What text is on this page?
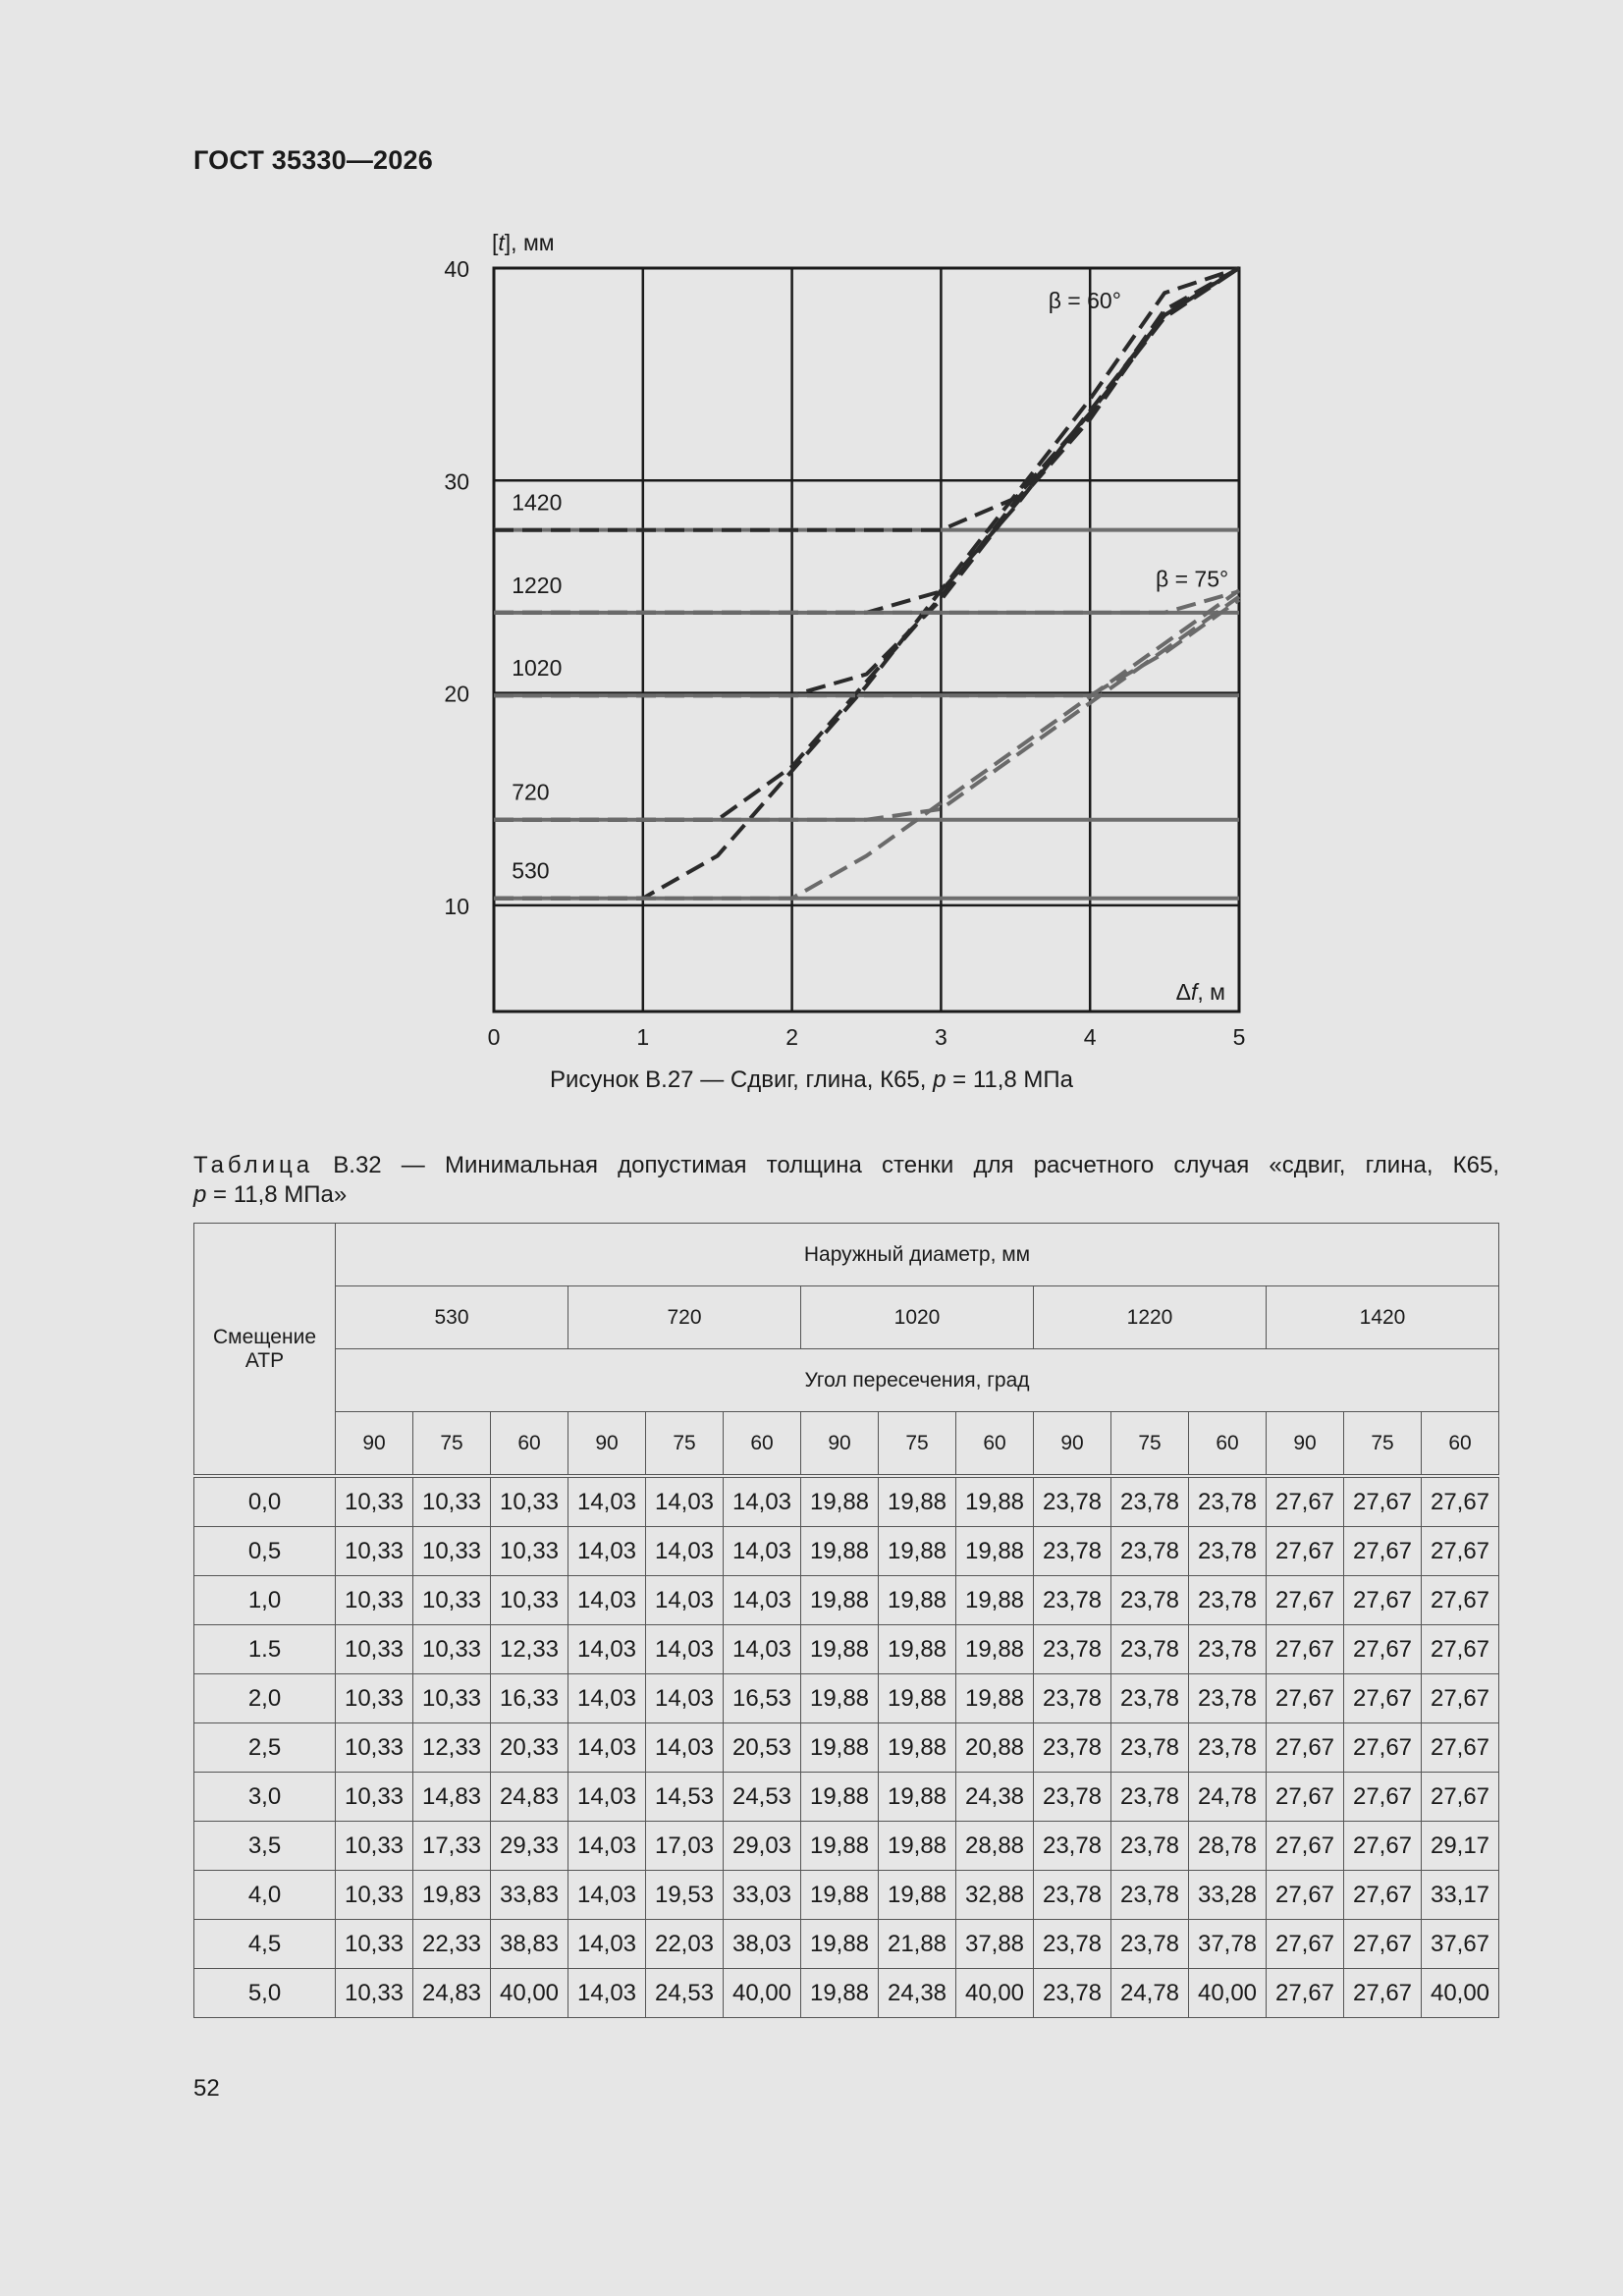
ГОСТ 35330—2026
1420
1220
1020
720
530
β = 60°
β = 75°
10
20
30
40
0	1	2	3	4	5
[t], мм
Δf, м
Рисунок В.27 — Сдвиг, глина, К65, p = 11,8 МПа
Таблица В.32 — Минимальная допустимая толщина стенки для расчетного случая «сдвиг, глина, К65,
p = 11,8 МПа»
Смещение АТР	Наружный диаметр, мм														
	530			720			1020			1220			1420		
	Угол пересечения, град														
	90	75	60	90	75	60	90	75	60	90	75	60	90	75	60
0,0	10,33	10,33	10,33	14,03	14,03	14,03	19,88	19,88	19,88	23,78	23,78	23,78	27,67	27,67	27,67
0,5	10,33	10,33	10,33	14,03	14,03	14,03	19,88	19,88	19,88	23,78	23,78	23,78	27,67	27,67	27,67
1,0	10,33	10,33	10,33	14,03	14,03	14,03	19,88	19,88	19,88	23,78	23,78	23,78	27,67	27,67	27,67
1.5	10,33	10,33	12,33	14,03	14,03	14,03	19,88	19,88	19,88	23,78	23,78	23,78	27,67	27,67	27,67
2,0	10,33	10,33	16,33	14,03	14,03	16,53	19,88	19,88	19,88	23,78	23,78	23,78	27,67	27,67	27,67
2,5	10,33	12,33	20,33	14,03	14,03	20,53	19,88	19,88	20,88	23,78	23,78	23,78	27,67	27,67	27,67
3,0	10,33	14,83	24,83	14,03	14,53	24,53	19,88	19,88	24,38	23,78	23,78	24,78	27,67	27,67	27,67
3,5	10,33	17,33	29,33	14,03	17,03	29,03	19,88	19,88	28,88	23,78	23,78	28,78	27,67	27,67	29,17
4,0	10,33	19,83	33,83	14,03	19,53	33,03	19,88	19,88	32,88	23,78	23,78	33,28	27,67	27,67	33,17
4,5	10,33	22,33	38,83	14,03	22,03	38,03	19,88	21,88	37,88	23,78	23,78	37,78	27,67	27,67	37,67
5,0	10,33	24,83	40,00	14,03	24,53	40,00	19,88	24,38	40,00	23,78	24,78	40,00	27,67	27,67	40,00
52
